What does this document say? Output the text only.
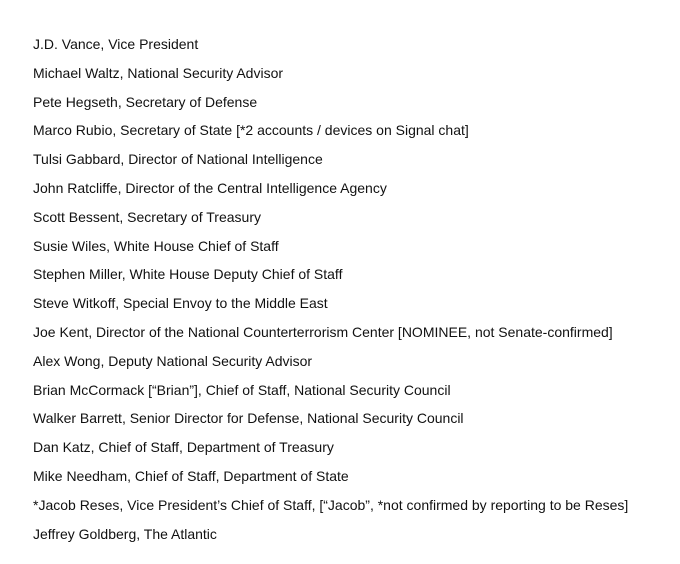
J.D. Vance, Vice President
Michael Waltz, National Security Advisor
Pete Hegseth, Secretary of Defense
Marco Rubio, Secretary of State [*2 accounts / devices on Signal chat]
Tulsi Gabbard, Director of National Intelligence
John Ratcliffe, Director of the Central Intelligence Agency
Scott Bessent, Secretary of Treasury
Susie Wiles, White House Chief of Staff
Stephen Miller, White House Deputy Chief of Staff
Steve Witkoff, Special Envoy to the Middle East
Joe Kent, Director of the National Counterterrorism Center [NOMINEE, not Senate-confirmed]
Alex Wong, Deputy National Security Advisor
Brian McCormack [“Brian”], Chief of Staff, National Security Council
Walker Barrett, Senior Director for Defense, National Security Council
Dan Katz, Chief of Staff, Department of Treasury
Mike Needham, Chief of Staff, Department of State
*Jacob Reses, Vice President’s Chief of Staff, [“Jacob”, *not confirmed by reporting to be Reses]
Jeffrey Goldberg, The Atlantic
